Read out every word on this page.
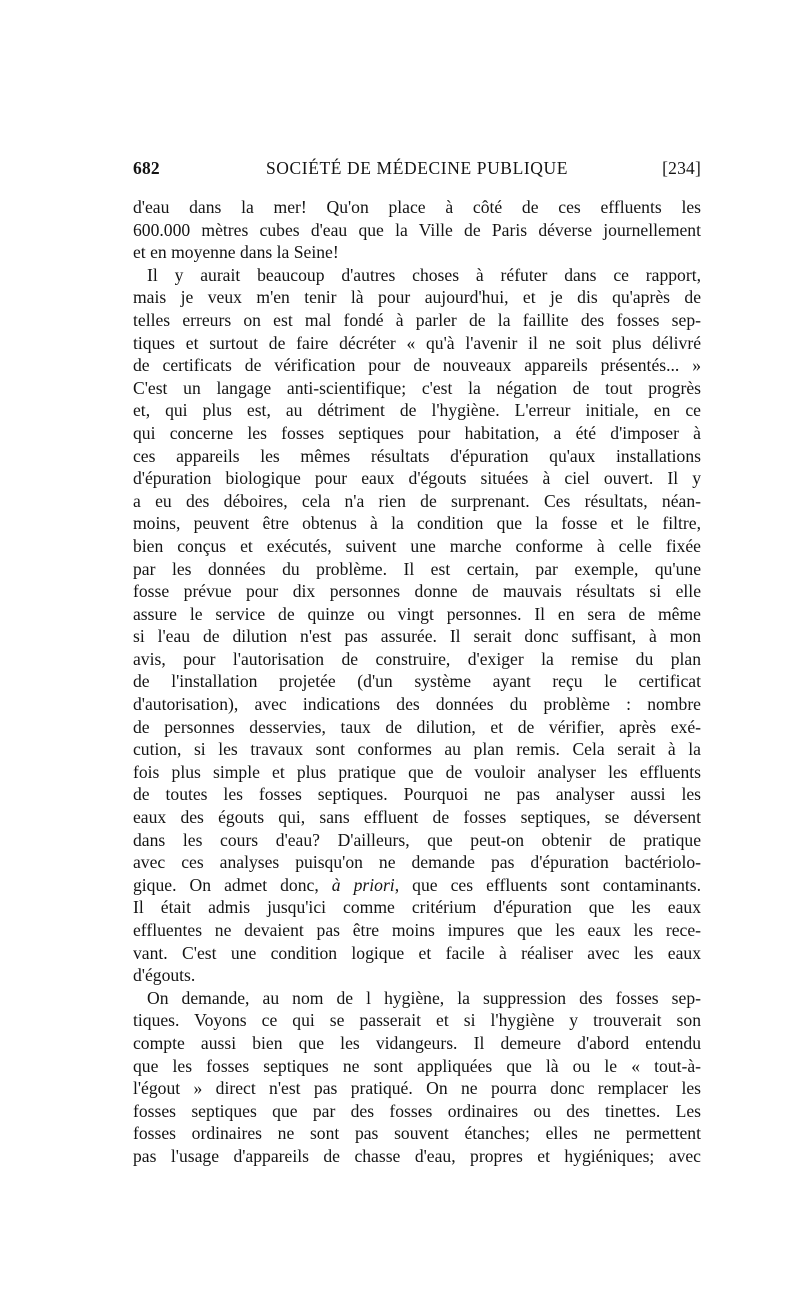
682	SOCIÉTÉ DE MÉDECINE PUBLIQUE	[234]
d'eau dans la mer! Qu'on place à côté de ces effluents les
600.000 mètres cubes d'eau que la Ville de Paris déverse journellement
et en moyenne dans la Seine!
Il y aurait beaucoup d'autres choses à réfuter dans ce rapport,
mais je veux m'en tenir là pour aujourd'hui, et je dis qu'après de
telles erreurs on est mal fondé à parler de la faillite des fosses sep-
tiques et surtout de faire décréter « qu'à l'avenir il ne soit plus délivré
de certificats de vérification pour de nouveaux appareils présentés... »
C'est un langage anti-scientifique; c'est la négation de tout progrès
et, qui plus est, au détriment de l'hygiène. L'erreur initiale, en ce
qui concerne les fosses septiques pour habitation, a été d'imposer à
ces appareils les mêmes résultats d'épuration qu'aux installations
d'épuration biologique pour eaux d'égouts situées à ciel ouvert. Il y
a eu des déboires, cela n'a rien de surprenant. Ces résultats, néan-
moins, peuvent être obtenus à la condition que la fosse et le filtre,
bien conçus et exécutés, suivent une marche conforme à celle fixée
par les données du problème. Il est certain, par exemple, qu'une
fosse prévue pour dix personnes donne de mauvais résultats si elle
assure le service de quinze ou vingt personnes. Il en sera de même
si l'eau de dilution n'est pas assurée. Il serait donc suffisant, à mon
avis, pour l'autorisation de construire, d'exiger la remise du plan
de l'installation projetée (d'un système ayant reçu le certificat
d'autorisation), avec indications des données du problème : nombre
de personnes desservies, taux de dilution, et de vérifier, après exé-
cution, si les travaux sont conformes au plan remis. Cela serait à la
fois plus simple et plus pratique que de vouloir analyser les effluents
de toutes les fosses septiques. Pourquoi ne pas analyser aussi les
eaux des égouts qui, sans effluent de fosses septiques, se déversent
dans les cours d'eau? D'ailleurs, que peut-on obtenir de pratique
avec ces analyses puisqu'on ne demande pas d'épuration bactériolo-
gique. On admet donc, à priori, que ces effluents sont contaminants.
Il était admis jusqu'ici comme critérium d'épuration que les eaux
effluentes ne devaient pas être moins impures que les eaux les rece-
vant. C'est une condition logique et facile à réaliser avec les eaux
d'égouts.
On demande, au nom de l hygiène, la suppression des fosses sep-
tiques. Voyons ce qui se passerait et si l'hygiène y trouverait son
compte aussi bien que les vidangeurs. Il demeure d'abord entendu
que les fosses septiques ne sont appliquées que là ou le « tout-à-
l'égout » direct n'est pas pratiqué. On ne pourra donc remplacer les
fosses septiques que par des fosses ordinaires ou des tinettes. Les
fosses ordinaires ne sont pas souvent étanches; elles ne permettent
pas l'usage d'appareils de chasse d'eau, propres et hygiéniques; avec
